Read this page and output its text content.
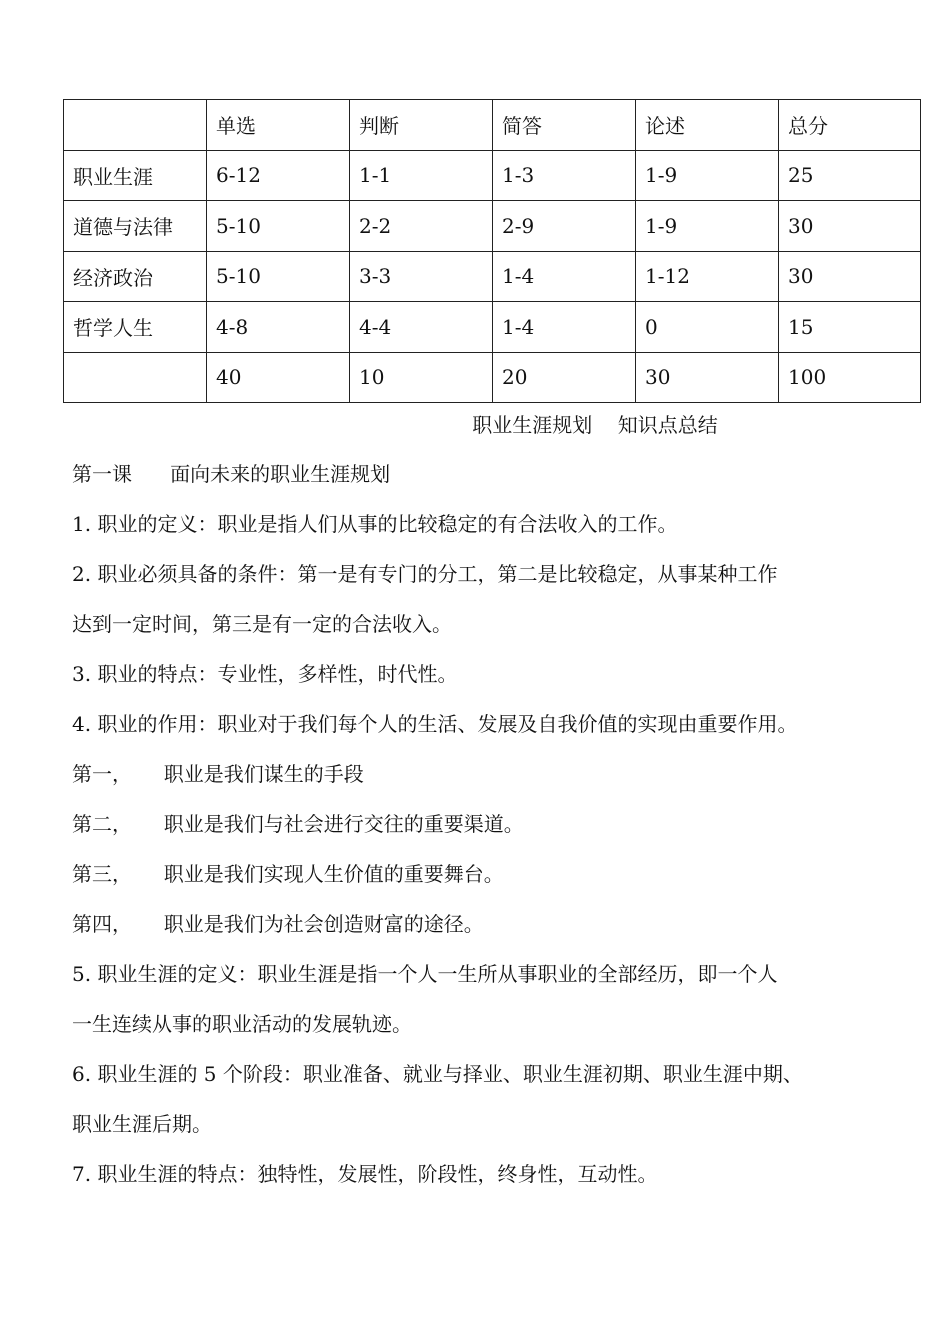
	单选	判断	简答	论述	总分
职业生涯	6-12	1-1	1-3	1-9	25
道德与法律	5-10	2-2	2-9	1-9	30
经济政治	5-10	3-3	1-4	1-12	30
哲学人生	4-8	4-4	1-4	0	15
	40	10	20	30	100
职业生涯规划    知识点总结
第一课      面向未来的职业生涯规划
1. 职业的定义：职业是指人们从事的比较稳定的有合法收入的工作。
2. 职业必须具备的条件：第一是有专门的分工，第二是比较稳定，从事某种工作
达到一定时间，第三是有一定的合法收入。
3. 职业的特点：专业性，多样性，时代性。
4. 职业的作用：职业对于我们每个人的生活、发展及自我价值的实现由重要作用。
第一，     职业是我们谋生的手段
第二，     职业是我们与社会进行交往的重要渠道。
第三，     职业是我们实现人生价值的重要舞台。
第四，     职业是我们为社会创造财富的途径。
5. 职业生涯的定义：职业生涯是指一个人一生所从事职业的全部经历，即一个人
一生连续从事的职业活动的发展轨迹。
6. 职业生涯的 5 个阶段：职业准备、就业与择业、职业生涯初期、职业生涯中期、
职业生涯后期。
7. 职业生涯的特点：独特性，发展性，阶段性，终身性，互动性。
